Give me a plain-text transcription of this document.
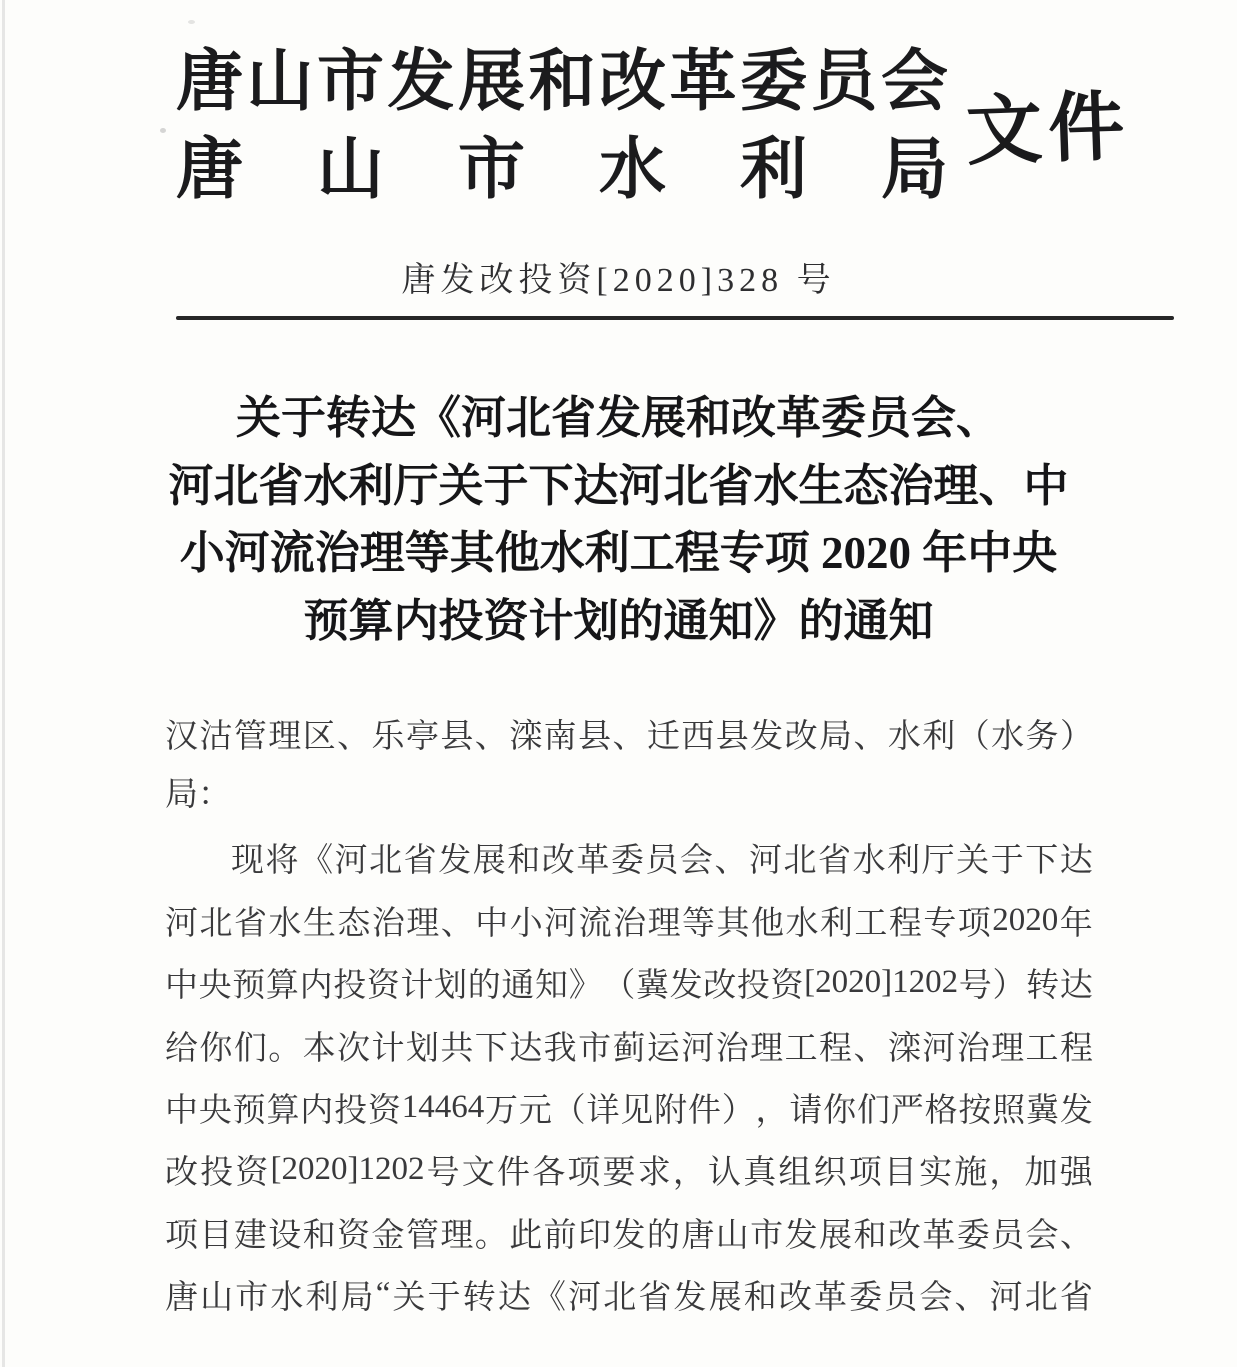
唐 山 市 发 展 和 改 革 委 员 会
唐 山 市 水 利 局 文件
唐发改投资[2020]328 号
关于转达《河北省发展和改革委员会、
河北省水利厅关于下达河北省水生态治理、中
小河流治理等其他水利工程专项 2020 年中央
预算内投资计划的通知》的通知
汉 沽 管 理 区 、 乐 亭 县 、 滦 南 县 、 迁 西 县 发 改 局 、 水 利 （ 水 务 ）
局：
现 将 《 河 北 省 发 展 和 改 革 委 员 会 、 河 北 省 水 利 厅 关 于 下 达
河 北 省 水 生 态 治 理 、 中 小 河 流 治 理 等 其 他 水 利 工 程 专 项 2020 年
中 央 预 算 内 投 资 计 划 的 通 知 》 （ 冀 发 改 投 资 [2020]1202 号 ） 转 达
给 你 们 。 本 次 计 划 共 下 达 我 市 蓟 运 河 治 理 工 程 、 滦 河 治 理 工 程
中 央 预 算 内 投 资 14464 万 元 （ 详 见 附 件 ） ， 请 你 们 严 格 按 照 冀 发
改 投 资 [2020]1202 号 文 件 各 项 要 求 ， 认 真 组 织 项 目 实 施 ， 加 强
项 目 建 设 和 资 金 管 理 。 此 前 印 发 的 唐 山 市 发 展 和 改 革 委 员 会 、
唐 山 市 水 利 局 “ 关 于 转 达 《 河 北 省 发 展 和 改 革 委 员 会 、 河 北 省
